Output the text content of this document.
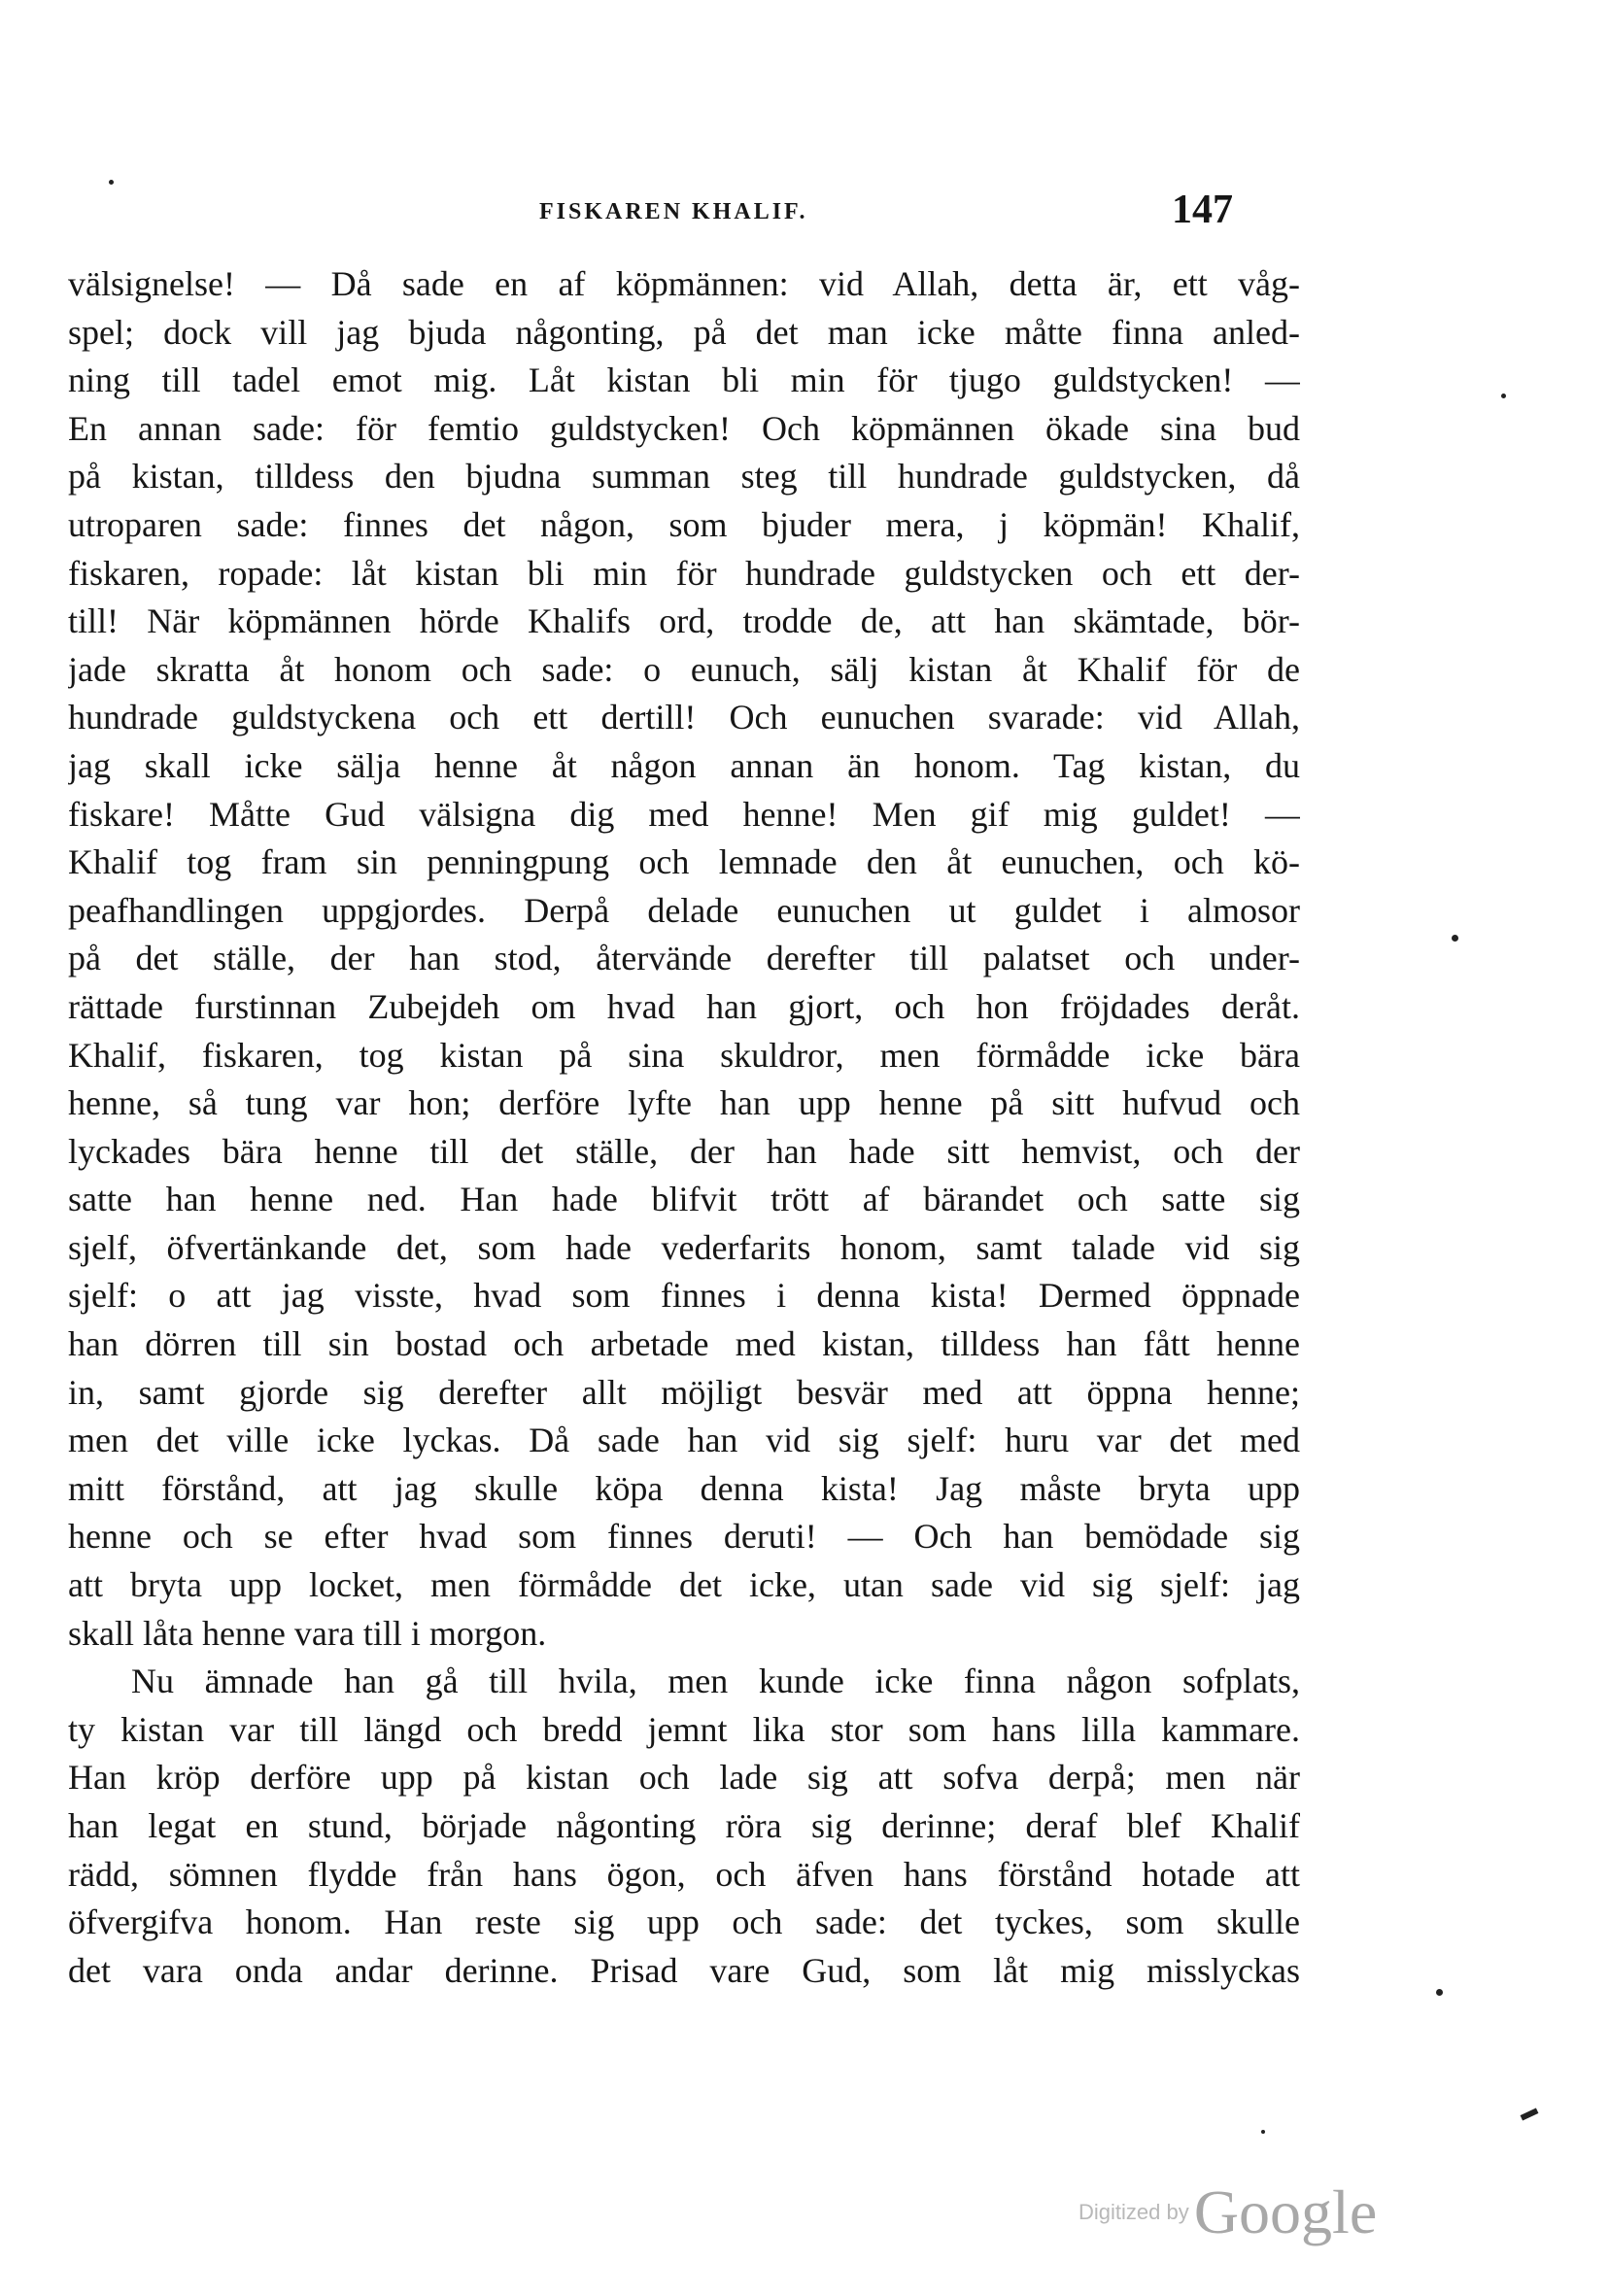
FISKAREN KHALIF.	147
välsignelse! — Då sade en af köpmännen: vid Allah, detta är, ett våg-
spel; dock vill jag bjuda någonting, på det man icke måtte finna anled-
ning till tadel emot mig. Låt kistan bli min för tjugo guldstycken! —
En annan sade: för femtio guldstycken! Och köpmännen ökade sina bud
på kistan, tilldess den bjudna summan steg till hundrade guldstycken, då
utroparen sade: finnes det någon, som bjuder mera, j köpmän! Khalif,
fiskaren, ropade: låt kistan bli min för hundrade guldstycken och ett der-
till! När köpmännen hörde Khalifs ord, trodde de, att han skämtade, bör-
jade skratta åt honom och sade: o eunuch, sälj kistan åt Khalif för de
hundrade guldstyckena och ett dertill! Och eunuchen svarade: vid Allah,
jag skall icke sälja henne åt någon annan än honom. Tag kistan, du
fiskare! Måtte Gud välsigna dig med henne! Men gif mig guldet! —
Khalif tog fram sin penningpung och lemnade den åt eunuchen, och kö-
peafhandlingen uppgjordes. Derpå delade eunuchen ut guldet i almosor
på det ställe, der han stod, återvände derefter till palatset och under-
rättade furstinnan Zubejdeh om hvad han gjort, och hon fröjdades deråt.
Khalif, fiskaren, tog kistan på sina skuldror, men förmådde icke bära
henne, så tung var hon; derföre lyfte han upp henne på sitt hufvud och
lyckades bära henne till det ställe, der han hade sitt hemvist, och der
satte han henne ned. Han hade blifvit trött af bärandet och satte sig
sjelf, öfvertänkande det, som hade vederfarits honom, samt talade vid sig
sjelf: o att jag visste, hvad som finnes i denna kista! Dermed öppnade
han dörren till sin bostad och arbetade med kistan, tilldess han fått henne
in, samt gjorde sig derefter allt möjligt besvär med att öppna henne;
men det ville icke lyckas. Då sade han vid sig sjelf: huru var det med
mitt förstånd, att jag skulle köpa denna kista! Jag måste bryta upp
henne och se efter hvad som finnes deruti! — Och han bemödade sig
att bryta upp locket, men förmådde det icke, utan sade vid sig sjelf: jag
skall låta henne vara till i morgon.
Nu ämnade han gå till hvila, men kunde icke finna någon sofplats,
ty kistan var till längd och bredd jemnt lika stor som hans lilla kammare.
Han kröp derföre upp på kistan och lade sig att sofva derpå; men när
han legat en stund, började någonting röra sig derinne; deraf blef Khalif
rädd, sömnen flydde från hans ögon, och äfven hans förstånd hotade att
öfvergifva honom. Han reste sig upp och sade: det tyckes, som skulle
det vara onda andar derinne. Prisad vare Gud, som låt mig misslyckas
Digitized by Google
